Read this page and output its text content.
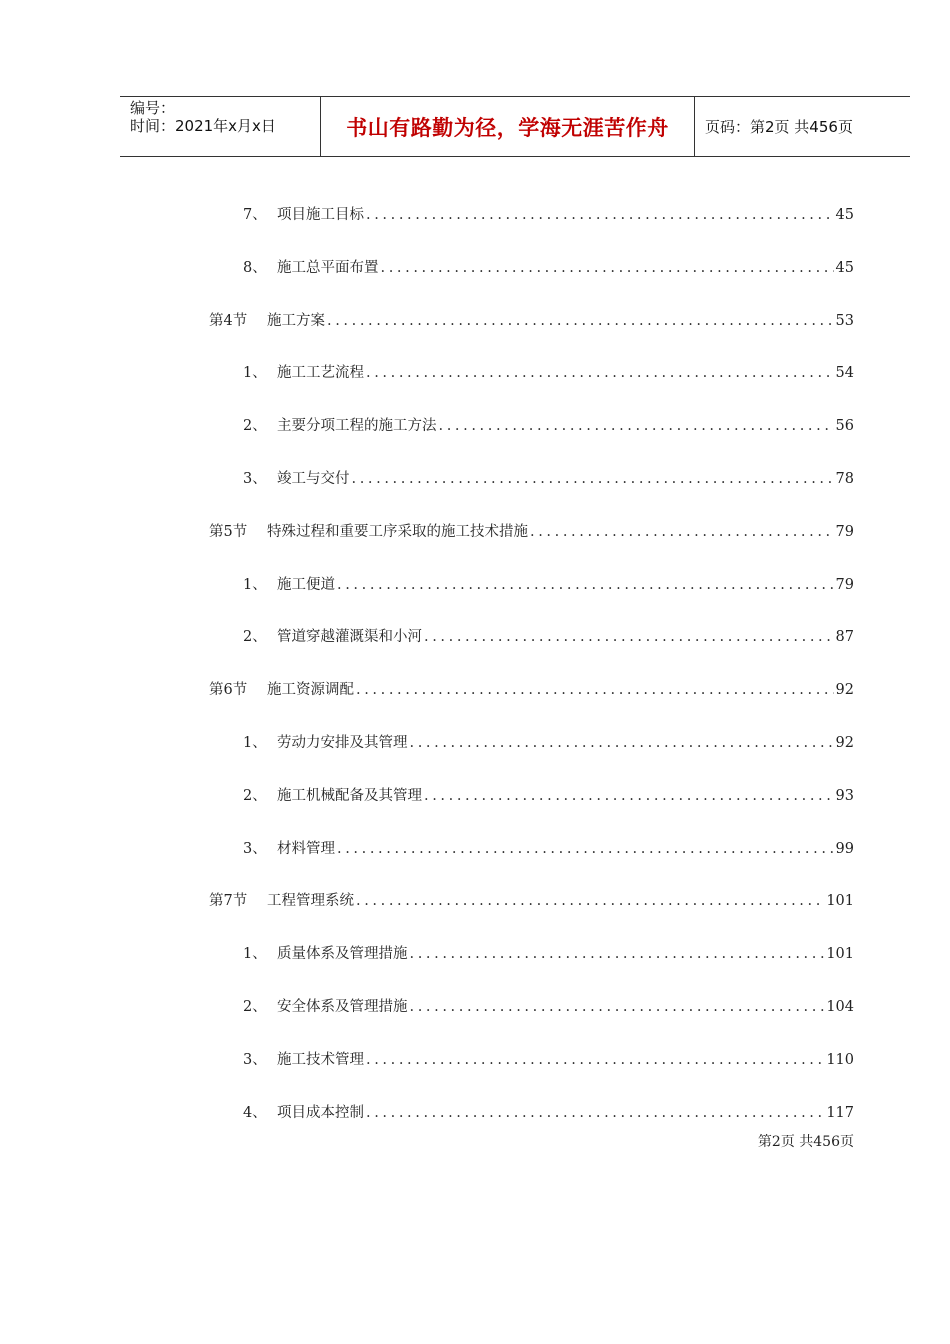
编号：
时间：2021年x月x日	书山有路勤为径，学海无涯苦作舟	页码：第2页 共456页
7、 项目施工目标 .....	45
8、 施工总平面布置 .....	45
第4节	施工方案 .....	53
1、 施工工艺流程 .....	54
2、 主要分项工程的施工方法 .....	56
3、 竣工与交付 .....	78
第5节	特殊过程和重要工序采取的施工技术措施 .....	79
1、 施工便道 .....	79
2、 管道穿越灌溉渠和小河 .....	87
第6节	施工资源调配 .....	92
1、 劳动力安排及其管理 .....	92
2、 施工机械配备及其管理 .....	93
3、 材料管理 .....	99
第7节	工程管理系统 .....	101
1、 质量体系及管理措施 .....	101
2、 安全体系及管理措施 .....	104
3、 施工技术管理 .....	110
4、 项目成本控制 .....	117
第2页 共456页
